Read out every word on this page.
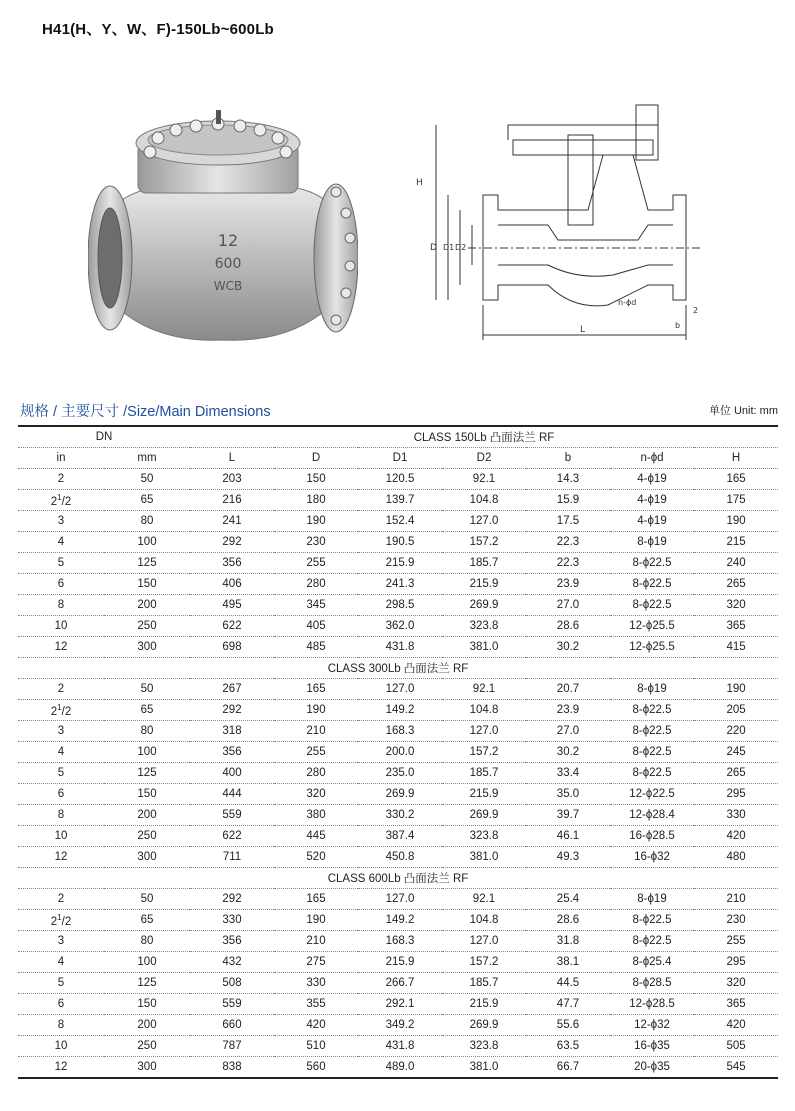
H41(H、Y、W、F)-150Lb~600Lb
12
600
WCB
H
D D1 D2
n-ϕd
2
b
L
规格 / 主要尺寸 /Size/Main Dimensions	单位 Unit: mm
DN		CLASS 150Lb 凸面法兰 RF						
in	mm	L	D	D1	D2	b	n-ϕd	H
2	50	203	150	120.5	92.1	14.3	4-ϕ19	165
$2^1/2$	65	216	180	139.7	104.8	15.9	4-ϕ19	175
3	80	241	190	152.4	127.0	17.5	4-ϕ19	190
4	100	292	230	190.5	157.2	22.3	8-ϕ19	215
5	125	356	255	215.9	185.7	22.3	8-ϕ22.5	240
6	150	406	280	241.3	215.9	23.9	8-ϕ22.5	265
8	200	495	345	298.5	269.9	27.0	8-ϕ22.5	320
10	250	622	405	362.0	323.8	28.6	12-ϕ25.5	365
12	300	698	485	431.8	381.0	30.2	12-ϕ25.5	415
CLASS 300Lb 凸面法兰 RF								
2	50	267	165	127.0	92.1	20.7	8-ϕ19	190
$2^1/2$	65	292	190	149.2	104.8	23.9	8-ϕ22.5	205
3	80	318	210	168.3	127.0	27.0	8-ϕ22.5	220
4	100	356	255	200.0	157.2	30.2	8-ϕ22.5	245
5	125	400	280	235.0	185.7	33.4	8-ϕ22.5	265
6	150	444	320	269.9	215.9	35.0	12-ϕ22.5	295
8	200	559	380	330.2	269.9	39.7	12-ϕ28.4	330
10	250	622	445	387.4	323.8	46.1	16-ϕ28.5	420
12	300	711	520	450.8	381.0	49.3	16-ϕ32	480
CLASS 600Lb 凸面法兰 RF								
2	50	292	165	127.0	92.1	25.4	8-ϕ19	210
$2^1/2$	65	330	190	149.2	104.8	28.6	8-ϕ22.5	230
3	80	356	210	168.3	127.0	31.8	8-ϕ22.5	255
4	100	432	275	215.9	157.2	38.1	8-ϕ25.4	295
5	125	508	330	266.7	185.7	44.5	8-ϕ28.5	320
6	150	559	355	292.1	215.9	47.7	12-ϕ28.5	365
8	200	660	420	349.2	269.9	55.6	12-ϕ32	420
10	250	787	510	431.8	323.8	63.5	16-ϕ35	505
12	300	838	560	489.0	381.0	66.7	20-ϕ35	545
